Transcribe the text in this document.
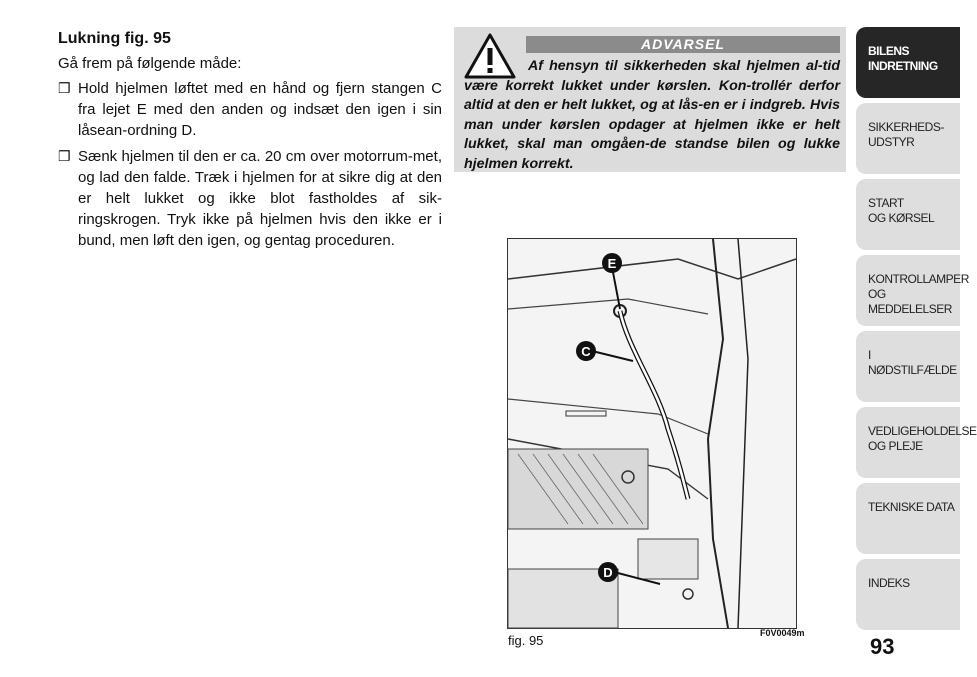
Lukning fig. 95
Gå frem på følgende måde:
❒ Hold hjelmen løftet med en hånd og fjern stangen C fra lejet E med den anden og indsæt den igen i sin låsean-ordning D.
❒ Sænk hjelmen til den er ca. 20 cm over motorrum-met, og lad den falde. Træk i hjelmen for at sikre dig at den er helt lukket og ikke blot fastholdes af sik-ringskrogen. Tryk ikke på hjelmen hvis den ikke er i bund, men løft den igen, og gentag proceduren.
ADVARSEL
Af hensyn til sikkerheden skal hjelmen al-tid være korrekt lukket under kørslen. Kon-trollér derfor altid at den er helt lukket, og at lås-en er i indgreb. Hvis man under kørslen opdager at hjelmen ikke er helt lukket, skal man omgåen-de standse bilen og lukke hjelmen korrekt.
E
C
D
fig. 95	F0V0049m
BILENS
INDRETNING
SIKKERHEDS-
UDSTYR
START
OG KØRSEL
KONTROLLAMPER
OG MEDDELELSER
I NØDSTILFÆLDE
VEDLIGEHOLDELSE
OG PLEJE
TEKNISKE DATA
INDEKS
93
